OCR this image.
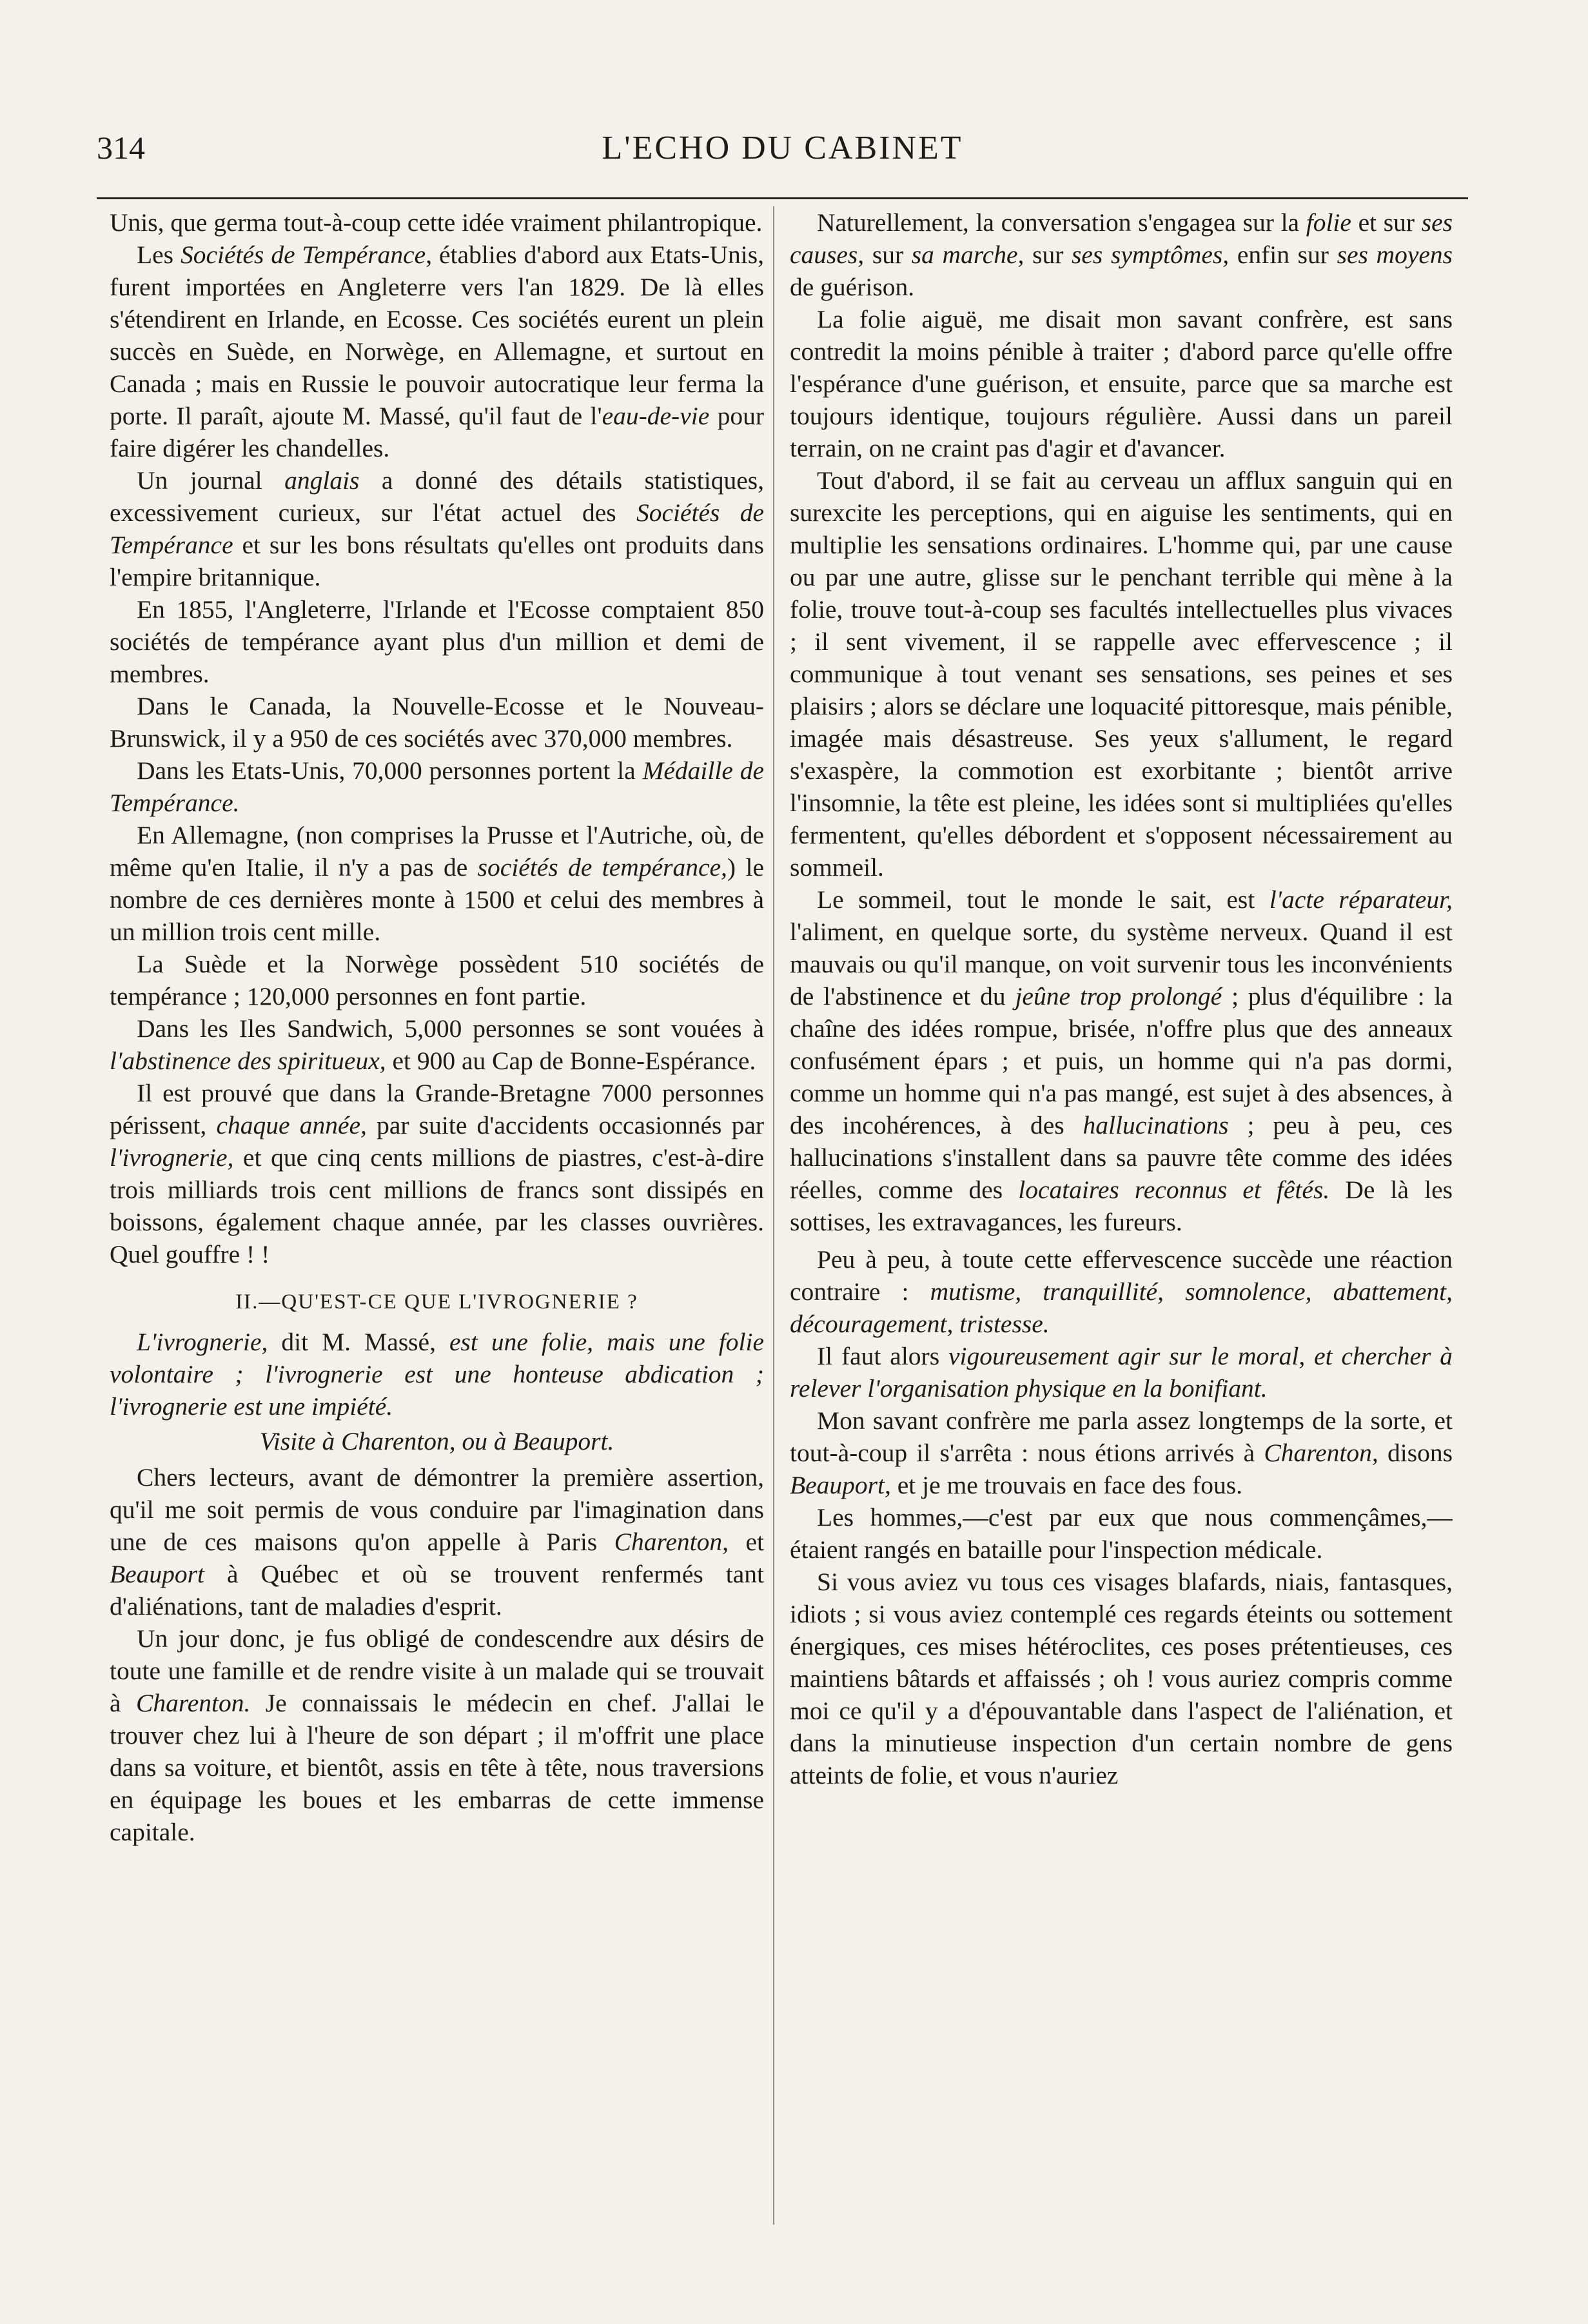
314	L'ECHO DU CABINET

Unis, que germa tout-à-coup cette idée vraiment philantropique.

Les Sociétés de Tempérance, établies d'abord aux Etats-Unis, furent importées en Angleterre vers l'an 1829. De là elles s'étendirent en Irlande, en Ecosse. Ces sociétés eurent un plein succès en Suède, en Norwège, en Allemagne, et surtout en Canada ; mais en Russie le pouvoir autocratique leur ferma la porte. Il paraît, ajoute M. Massé, qu'il faut de l'eau-de-vie pour faire digérer les chandelles.

Un journal anglais a donné des détails statistiques, excessivement curieux, sur l'état actuel des Sociétés de Tempérance et sur les bons résultats qu'elles ont produits dans l'empire britannique.

En 1855, l'Angleterre, l'Irlande et l'Ecosse comptaient 850 sociétés de tempérance ayant plus d'un million et demi de membres.

Dans le Canada, la Nouvelle-Ecosse et le Nouveau-Brunswick, il y a 950 de ces sociétés avec 370,000 membres.

Dans les Etats-Unis, 70,000 personnes portent la Médaille de Tempérance.

En Allemagne, (non comprises la Prusse et l'Autriche, où, de même qu'en Italie, il n'y a pas de sociétés de tempérance,) le nombre de ces dernières monte à 1500 et celui des membres à un million trois cent mille.

La Suède et la Norwège possèdent 510 sociétés de tempérance ; 120,000 personnes en font partie.

Dans les Iles Sandwich, 5,000 personnes se sont vouées à l'abstinence des spiritueux, et 900 au Cap de Bonne-Espérance.

Il est prouvé que dans la Grande-Bretagne 7000 personnes périssent, chaque année, par suite d'accidents occasionnés par l'ivrognerie, et que cinq cents millions de piastres, c'est-à-dire trois milliards trois cent millions de francs sont dissipés en boissons, également chaque année, par les classes ouvrières. Quel gouffre ! !

II.—QU'EST-CE QUE L'IVROGNERIE ?

L'ivrognerie, dit M. Massé, est une folie, mais une folie volontaire ; l'ivrognerie est une honteuse abdication ; l'ivrognerie est une impiété.

Visite à Charenton, ou à Beauport.

Chers lecteurs, avant de démontrer la première assertion, qu'il me soit permis de vous conduire par l'imagination dans une de ces maisons qu'on appelle à Paris Charenton, et Beauport à Québec et où se trouvent renfermés tant d'aliénations, tant de maladies d'esprit.

Un jour donc, je fus obligé de condescendre aux désirs de toute une famille et de rendre visite à un malade qui se trouvait à Charenton. Je connaissais le médecin en chef. J'allai le trouver chez lui à l'heure de son départ ; il m'offrit une place dans sa voiture, et bientôt, assis en tête à tête, nous traversions en équipage les boues et les embarras de cette immense capitale.

Naturellement, la conversation s'engagea sur la folie et sur ses causes, sur sa marche, sur ses symptômes, enfin sur ses moyens de guérison.

La folie aiguë, me disait mon savant confrère, est sans contredit la moins pénible à traiter ; d'abord parce qu'elle offre l'espérance d'une guérison, et ensuite, parce que sa marche est toujours identique, toujours régulière. Aussi dans un pareil terrain, on ne craint pas d'agir et d'avancer.

Tout d'abord, il se fait au cerveau un afflux sanguin qui en surexcite les perceptions, qui en aiguise les sentiments, qui en multiplie les sensations ordinaires. L'homme qui, par une cause ou par une autre, glisse sur le penchant terrible qui mène à la folie, trouve tout-à-coup ses facultés intellectuelles plus vivaces ; il sent vivement, il se rappelle avec effervescence ; il communique à tout venant ses sensations, ses peines et ses plaisirs ; alors se déclare une loquacité pittoresque, mais pénible, imagée mais désastreuse. Ses yeux s'allument, le regard s'exaspère, la commotion est exorbitante ; bientôt arrive l'insomnie, la tête est pleine, les idées sont si multipliées qu'elles fermentent, qu'elles débordent et s'opposent nécessairement au sommeil.

Le sommeil, tout le monde le sait, est l'acte réparateur, l'aliment, en quelque sorte, du système nerveux. Quand il est mauvais ou qu'il manque, on voit survenir tous les inconvénients de l'abstinence et du jeûne trop prolongé ; plus d'équilibre : la chaîne des idées rompue, brisée, n'offre plus que des anneaux confusément épars ; et puis, un homme qui n'a pas dormi, comme un homme qui n'a pas mangé, est sujet à des absences, à des incohérences, à des hallucinations ; peu à peu, ces hallucinations s'installent dans sa pauvre tête comme des idées réelles, comme des locataires reconnus et fêtés. De là les sottises, les extravagances, les fureurs.

Peu à peu, à toute cette effervescence succède une réaction contraire : mutisme, tranquillité, somnolence, abattement, découragement, tristesse.

Il faut alors vigoureusement agir sur le moral, et chercher à relever l'organisation physique en la bonifiant.

Mon savant confrère me parla assez longtemps de la sorte, et tout-à-coup il s'arrêta : nous étions arrivés à Charenton, disons Beauport, et je me trouvais en face des fous.

Les hommes,—c'est par eux que nous commençâmes,—étaient rangés en bataille pour l'inspection médicale.

Si vous aviez vu tous ces visages blafards, niais, fantasques, idiots ; si vous aviez contemplé ces regards éteints ou sottement énergiques, ces mises hétéroclites, ces poses prétentieuses, ces maintiens bâtards et affaissés ; oh ! vous auriez compris comme moi ce qu'il y a d'épouvantable dans l'aspect de l'aliénation, et dans la minutieuse inspection d'un certain nombre de gens atteints de folie, et vous n'auriez
